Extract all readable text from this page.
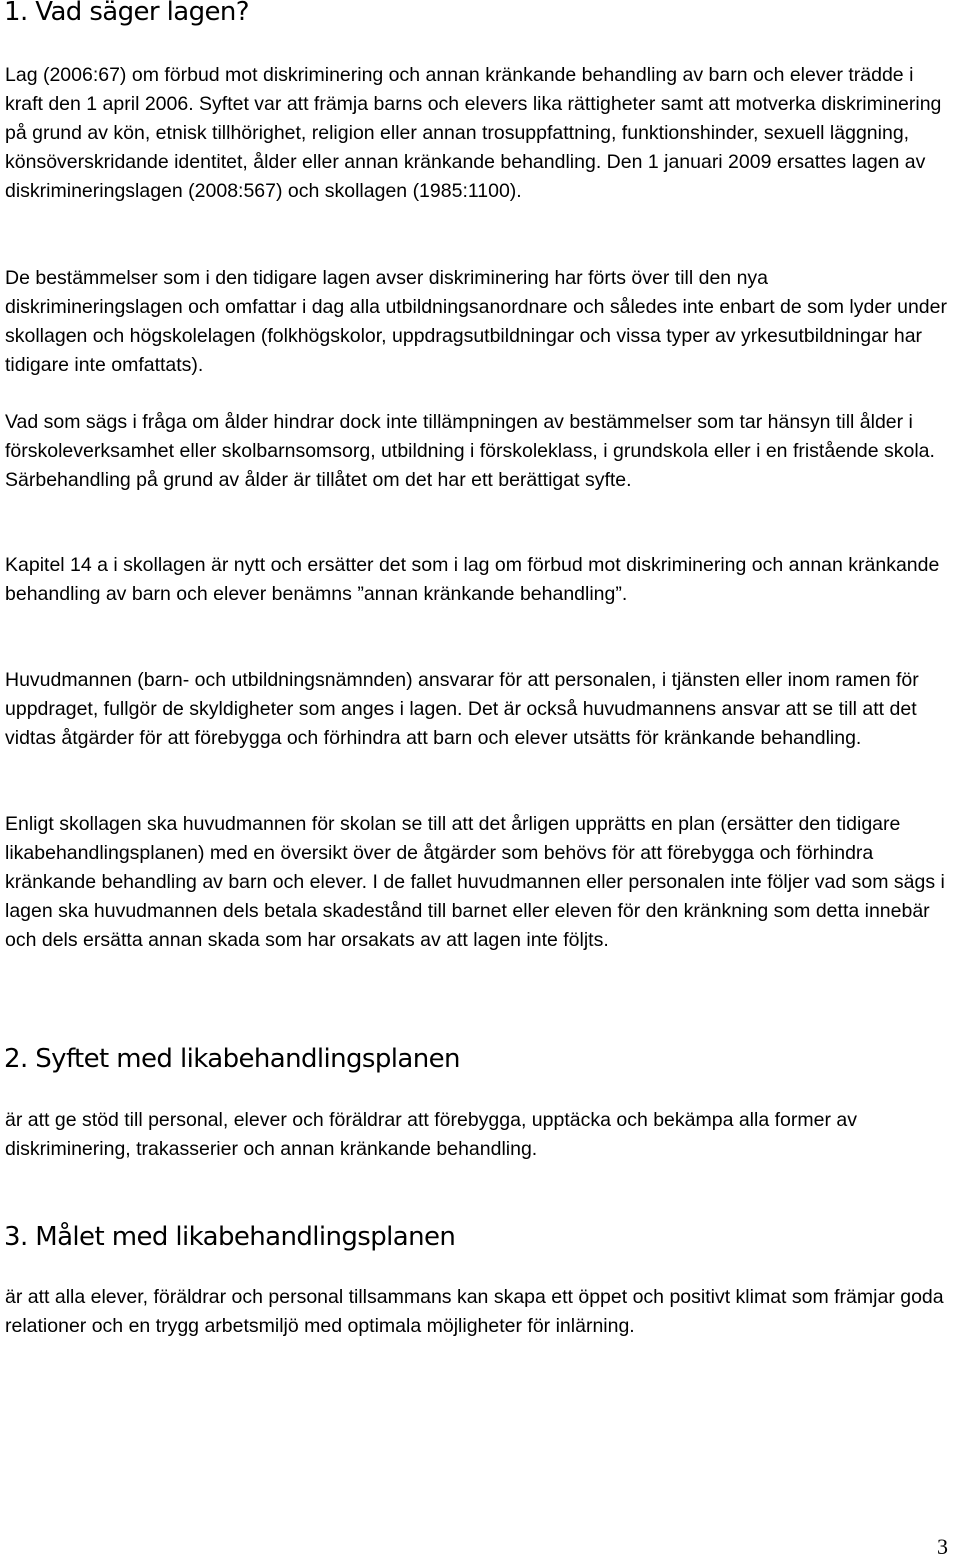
1. Vad säger lagen?

Lag (2006:67) om förbud mot diskriminering och annan kränkande behandling av barn och elever trädde i kraft den 1 april 2006. Syftet var att främja barns och elevers lika rättigheter samt att motverka diskriminering på grund av kön, etnisk tillhörighet, religion eller annan trosuppfattning, funktionshinder, sexuell läggning, könsöverskridande identitet, ålder eller annan kränkande behandling. Den 1 januari 2009 ersattes lagen av diskrimineringslagen (2008:567) och skollagen (1985:1100).

De bestämmelser som i den tidigare lagen avser diskriminering har förts över till den nya diskrimineringslagen och omfattar i dag alla utbildningsanordnare och således inte enbart de som lyder under skollagen och högskolelagen (folkhögskolor, uppdragsutbildningar och vissa typer av yrkesutbildningar har tidigare inte omfattats).

Vad som sägs i fråga om ålder hindrar dock inte tillämpningen av bestämmelser som tar hänsyn till ålder i förskoleverksamhet eller skolbarnsomsorg, utbildning i förskoleklass, i grundskola eller i en fristående skola. Särbehandling på grund av ålder är tillåtet om det har ett berättigat syfte.

Kapitel 14 a i skollagen är nytt och ersätter det som i lag om förbud mot diskriminering och annan kränkande behandling av barn och elever benämns ”annan kränkande behandling”.

Huvudmannen (barn- och utbildningsnämnden) ansvarar för att personalen, i tjänsten eller inom ramen för uppdraget, fullgör de skyldigheter som anges i lagen. Det är också huvudmannens ansvar att se till att det vidtas åtgärder för att förebygga och förhindra att barn och elever utsätts för kränkande behandling.

Enligt skollagen ska huvudmannen för skolan se till att det årligen upprätts en plan (ersätter den tidigare likabehandlingsplanen) med en översikt över de åtgärder som behövs för att förebygga och förhindra kränkande behandling av barn och elever. I de fallet huvudmannen eller personalen inte följer vad som sägs i lagen ska huvudmannen dels betala skadestånd till barnet eller eleven för den kränkning som detta innebär och dels ersätta annan skada som har orsakats av att lagen inte följts.

2. Syftet med likabehandlingsplanen

är att ge stöd till personal, elever och föräldrar att förebygga, upptäcka och bekämpa alla former av diskriminering, trakasserier och annan kränkande behandling.

3. Målet med likabehandlingsplanen

är att alla elever, föräldrar och personal tillsammans kan skapa ett öppet och positivt klimat som främjar goda relationer och en trygg arbetsmiljö med optimala möjligheter för inlärning.

3
